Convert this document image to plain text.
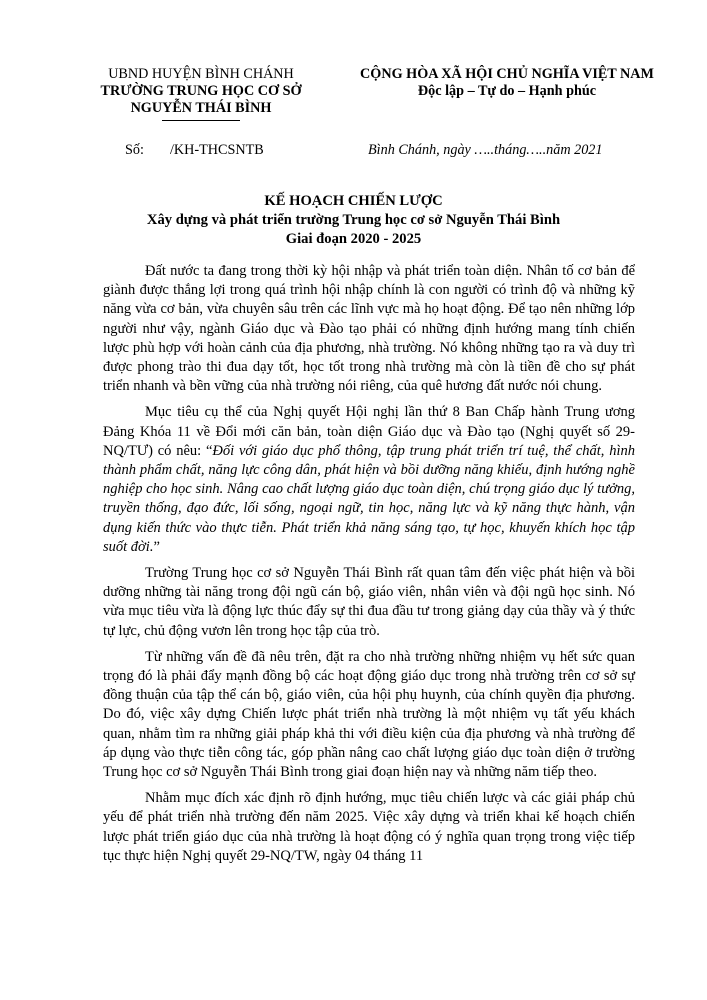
UBND HUYỆN BÌNH CHÁNH
TRƯỜNG TRUNG HỌC CƠ SỞ
NGUYỄN THÁI BÌNH
CỘNG HÒA XÃ HỘI CHỦ NGHĨA VIỆT NAM
Độc lập – Tự do – Hạnh phúc
Số: /KH-THCSNTB	Bình Chánh, ngày …..tháng…..năm 2021
KẾ HOẠCH CHIẾN LƯỢC
Xây dựng và phát triển trường Trung học cơ sở Nguyễn Thái Bình
Giai đoạn 2020 - 2025

Đất nước ta đang trong thời kỳ hội nhập và phát triển toàn diện. Nhân tố cơ bản để giành được thắng lợi trong quá trình hội nhập chính là con người có trình độ và những kỹ năng vừa cơ bản, vừa chuyên sâu trên các lĩnh vực mà họ hoạt động. Để tạo nên những lớp người như vậy, ngành Giáo dục và Đào tạo phải có những định hướng mang tính chiến lược phù hợp với hoàn cảnh của địa phương, nhà trường. Nó không những tạo ra và duy trì được phong trào thi đua dạy tốt, học tốt trong nhà trường mà còn là tiền đề cho sự phát triển nhanh và bền vững của nhà trường nói riêng, của quê hương đất nước nói chung.

Mục tiêu cụ thể của Nghị quyết Hội nghị lần thứ 8 Ban Chấp hành Trung ương Đảng Khóa 11 về Đổi mới căn bản, toàn diện Giáo dục và Đào tạo (Nghị quyết số 29-NQ/TƯ) có nêu: “Đối với giáo dục phổ thông, tập trung phát triển trí tuệ, thể chất, hình thành phẩm chất, năng lực công dân, phát hiện và bồi dưỡng năng khiếu, định hướng nghề nghiệp cho học sinh. Nâng cao chất lượng giáo dục toàn diện, chú trọng giáo dục lý tưởng, truyền thống, đạo đức, lối sống, ngoại ngữ, tin học, năng lực và kỹ năng thực hành, vận dụng kiến thức vào thực tiễn. Phát triển khả năng sáng tạo, tự học, khuyến khích học tập suốt đời.”

Trường Trung học cơ sở Nguyễn Thái Bình rất quan tâm đến việc phát hiện và bồi dưỡng những tài năng trong đội ngũ cán bộ, giáo viên, nhân viên và đội ngũ học sinh. Nó vừa mục tiêu vừa là động lực thúc đẩy sự thi đua đầu tư trong giảng dạy của thầy và ý thức tự lực, chủ động vươn lên trong học tập của trò.

Từ những vấn đề đã nêu trên, đặt ra cho nhà trường những nhiệm vụ hết sức quan trọng đó là phải đẩy mạnh đồng bộ các hoạt động giáo dục trong nhà trường trên cơ sở sự đồng thuận của tập thể cán bộ, giáo viên, của hội phụ huynh, của chính quyền địa phương. Do đó, việc xây dựng Chiến lược phát triển nhà trường là một nhiệm vụ tất yếu khách quan, nhằm tìm ra những giải pháp khả thi với điều kiện của địa phương và nhà trường để áp dụng vào thực tiễn công tác, góp phần nâng cao chất lượng giáo dục toàn diện ở trường Trung học cơ sở Nguyễn Thái Bình trong giai đoạn hiện nay và những năm tiếp theo.

Nhằm mục đích xác định rõ định hướng, mục tiêu chiến lược và các giải pháp chủ yếu để phát triển nhà trường đến năm 2025. Việc xây dựng và triển khai kế hoạch chiến lược phát triển giáo dục của nhà trường là hoạt động có ý nghĩa quan trọng trong việc tiếp tục thực hiện Nghị quyết 29-NQ/TW, ngày 04 tháng 11
